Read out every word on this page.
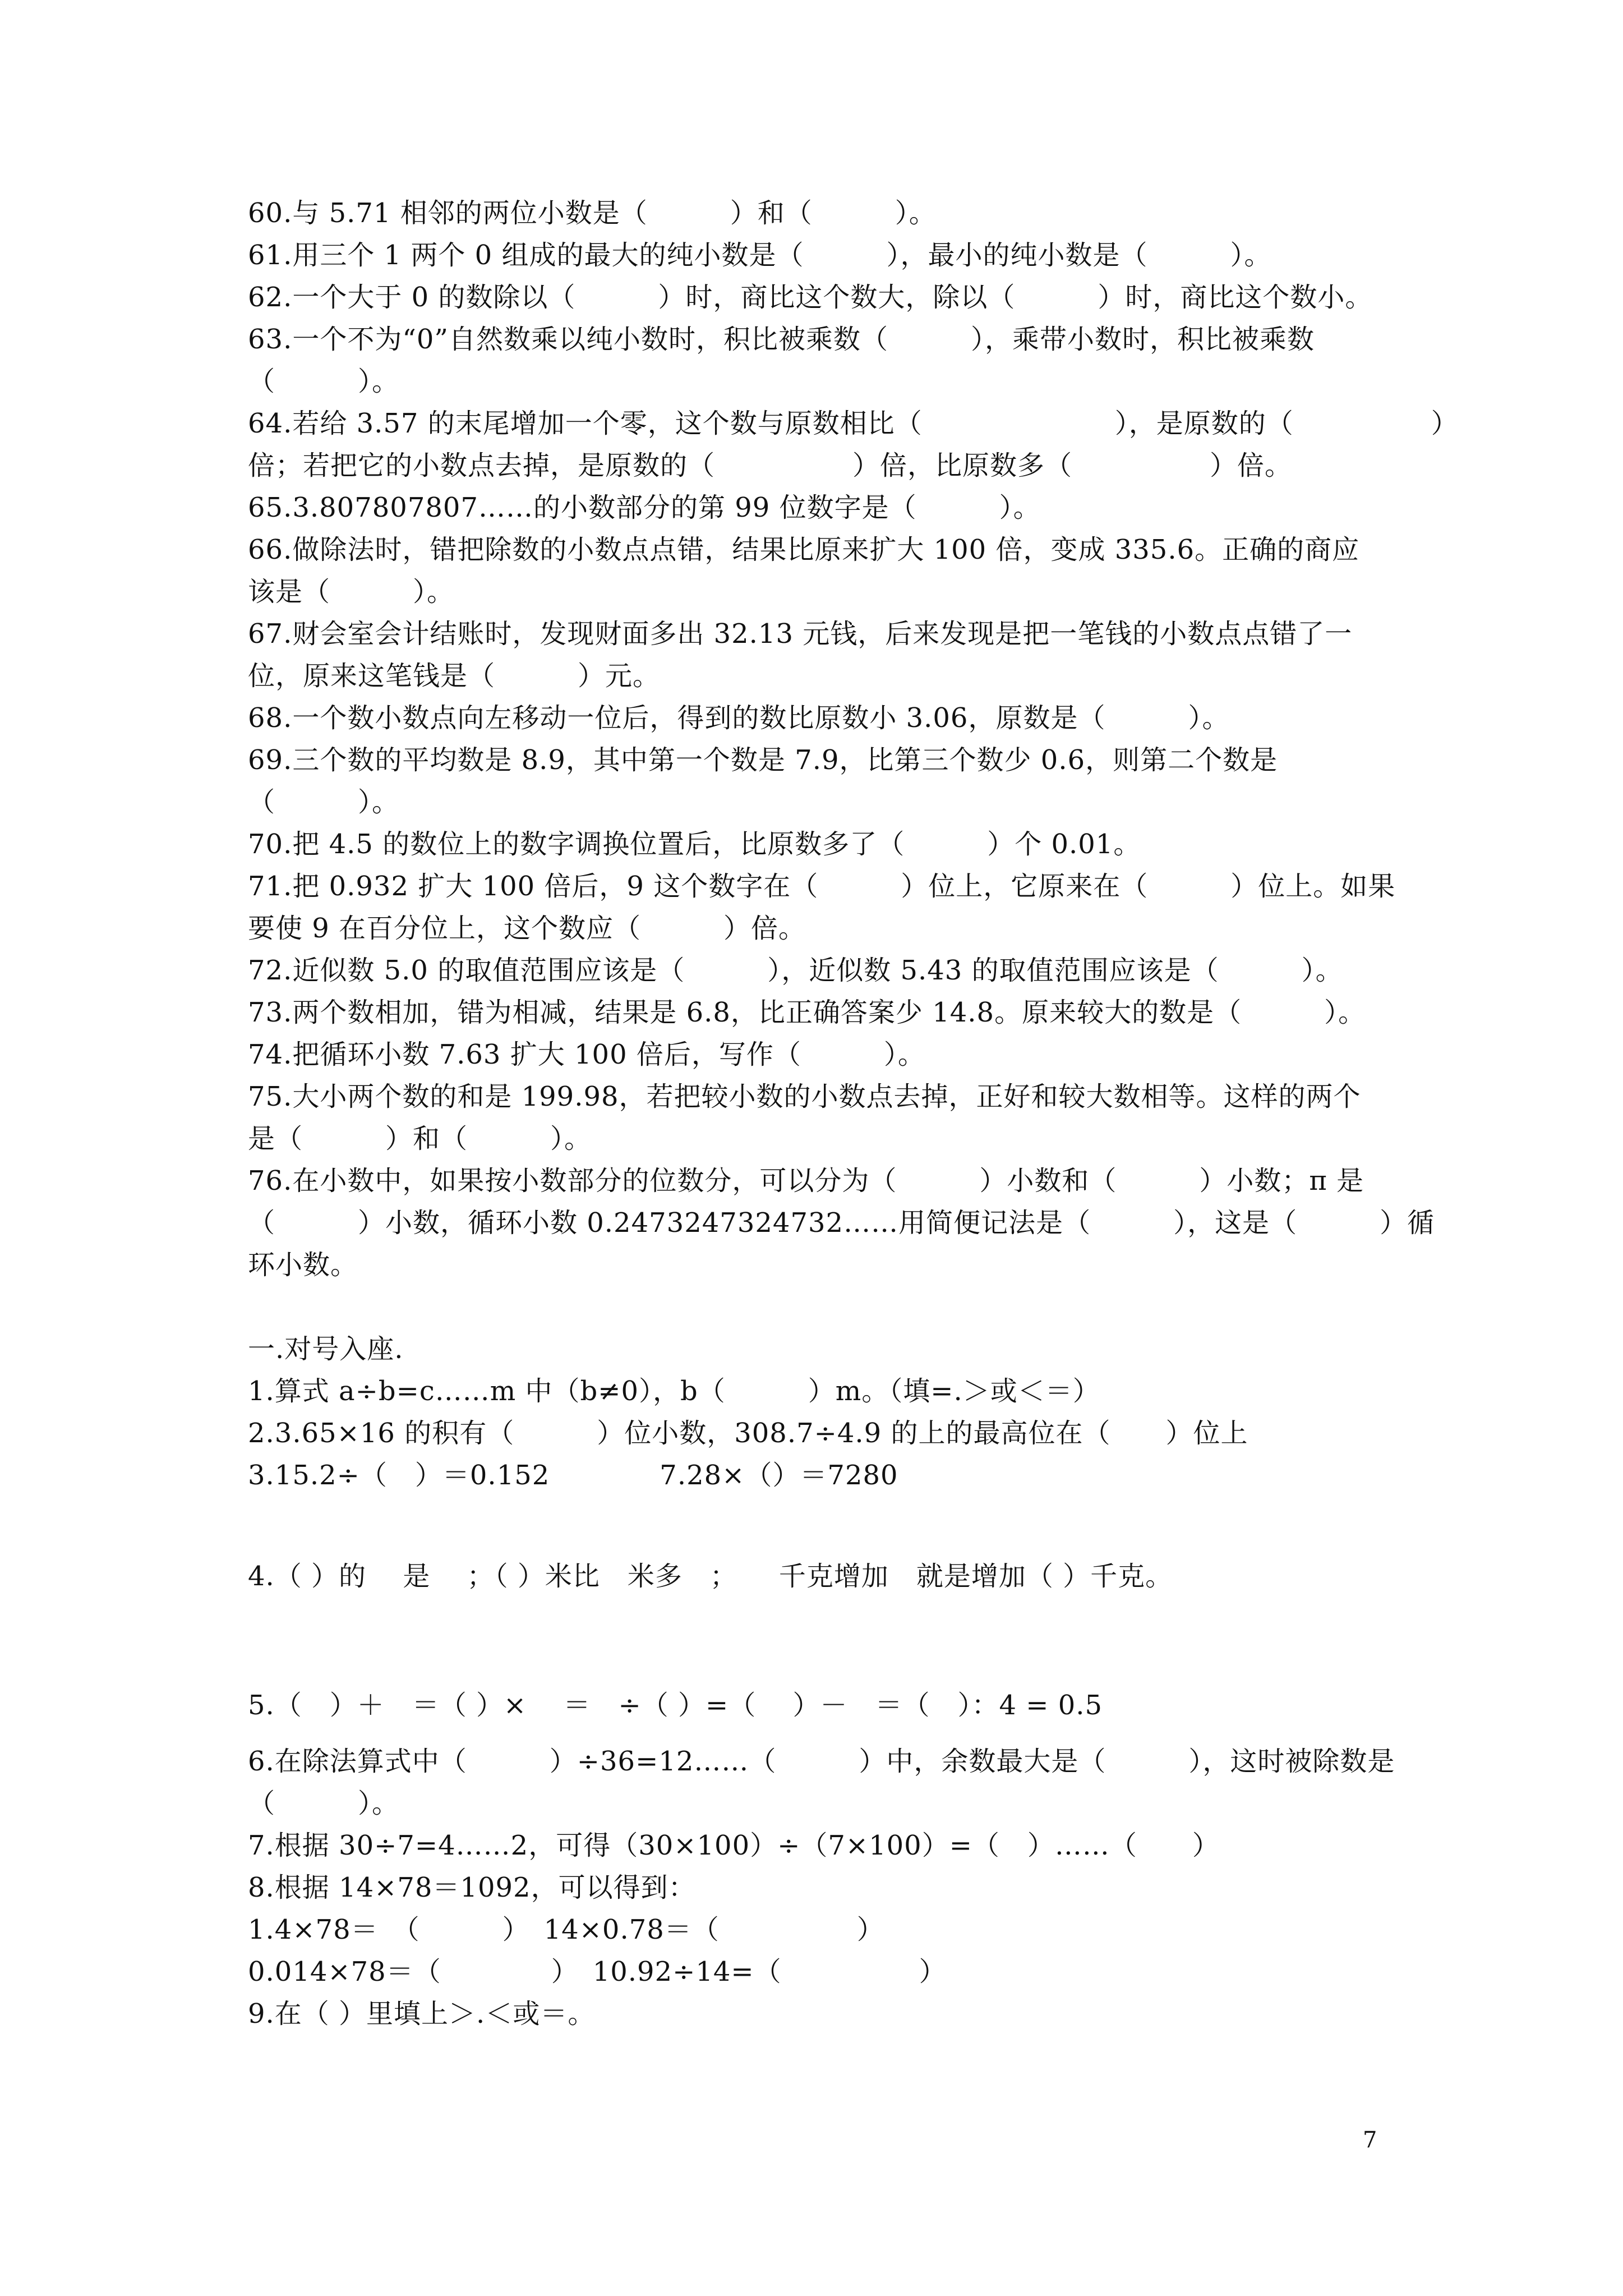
60.与 5.71 相邻的两位小数是（　　　）和（　　　）。
61.用三个 1 两个 0 组成的最大的纯小数是（　　　），最小的纯小数是（　　　）。
62.一个大于 0 的数除以（　　　）时，商比这个数大，除以（　　　）时，商比这个数小。
63.一个不为“0”自然数乘以纯小数时，积比被乘数（　　　），乘带小数时，积比被乘数
（　　　）。
64.若给 3.57 的末尾增加一个零，这个数与原数相比（　　　　　　　），是原数的（　　　　　）
倍；若把它的小数点去掉，是原数的（　　　　　）倍，比原数多（　　　　　）倍。
65.3.807807807……的小数部分的第 99 位数字是（　　　）。
66.做除法时，错把除数的小数点点错，结果比原来扩大 100 倍，变成 335.6。正确的商应
该是（　　　）。
67.财会室会计结账时，发现财面多出 32.13 元钱，后来发现是把一笔钱的小数点点错了一
位，原来这笔钱是（　　　）元。
68.一个数小数点向左移动一位后，得到的数比原数小 3.06，原数是（　　　）。
69.三个数的平均数是 8.9，其中第一个数是 7.9，比第三个数少 0.6，则第二个数是
（　　　）。
70.把 4.5 的数位上的数字调换位置后，比原数多了（　　　）个 0.01。
71.把 0.932 扩大 100 倍后，9 这个数字在（　　　）位上，它原来在（　　　）位上。如果
要使 9 在百分位上，这个数应（　　　）倍。
72.近似数 5.0 的取值范围应该是（　　　），近似数 5.43 的取值范围应该是（　　　）。
73.两个数相加，错为相减，结果是 6.8，比正确答案少 14.8。原来较大的数是（　　　）。
74.把循环小数 7.63 扩大 100 倍后，写作（　　　）。
75.大小两个数的和是 199.98，若把较小数的小数点去掉，正好和较大数相等。这样的两个
是（　　　）和（　　　）。
76.在小数中，如果按小数部分的位数分，可以分为（　　　）小数和（　　　）小数；π 是
（　　　）小数，循环小数 0.2473247324732……用简便记法是（　　　），这是（　　　）循
环小数。
一.对号入座.
1.算式 a÷b=c……m 中（b≠0），b（　　　）m。（填=.＞或＜＝）
2.3.65×16 的积有（　　　）位小数，308.7÷4.9 的上的最高位在（　　）位上
3.15.2÷（　）＝0.152　　　　7.28×（）＝7280
4.（ ）的　 是　 ；（ ）米比　米多　；　　千克增加　就是增加（ ）千克。
5.（　）＋　＝（ ）×　 ＝　÷（ ）=（　 ）－　＝（　）：4 = 0.5
6.在除法算式中（　　　）÷36=12……（　　　）中，余数最大是（　　　），这时被除数是
（　　　）。
7.根据 30÷7=4……2，可得（30×100）÷（7×100）=（　）……（　　）
8.根据 14×78＝1092，可以得到：
1.4×78＝　（　　　）　14×0.78＝（　　　　　）
0.014×78＝（　　　　）　10.92÷14=（　　　　　）
9.在（ ）里填上＞.＜或＝。
7
